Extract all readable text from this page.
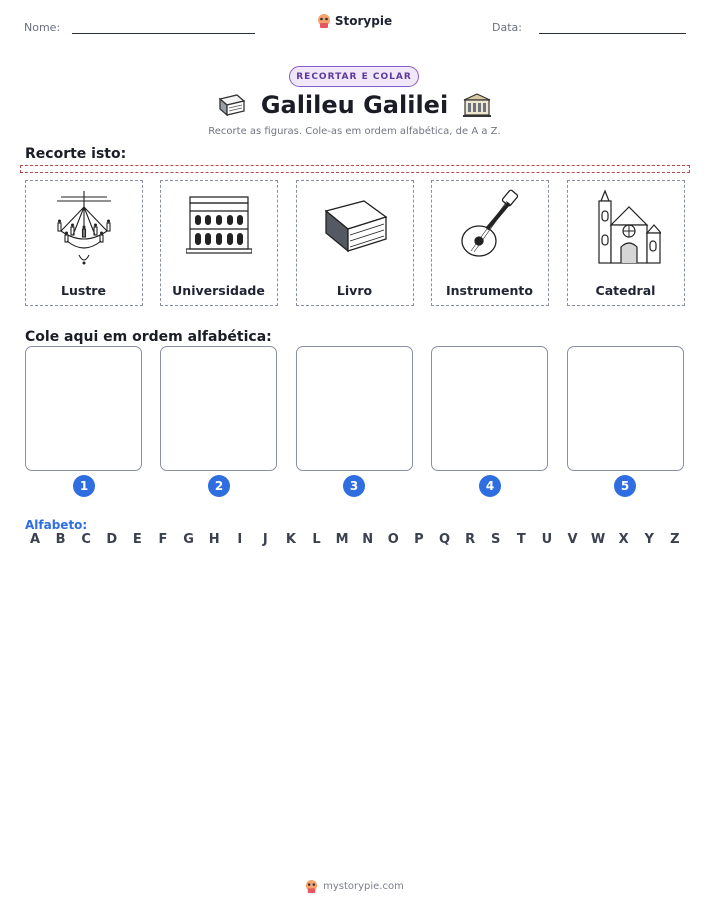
Nome:	Storypie	Data:
RECORTAR E COLAR
Galileu Galilei
Recorte as figuras. Cole-as em ordem alfabética, de A a Z.
Recorte isto:
Lustre	Universidade	Livro	Instrumento	Catedral
Cole aqui em ordem alfabética:
1	2	3	4	5
Alfabeto:
A	B	C	D	E	F	G	H	I	J	K	L	M	N	O	P	Q	R	S	T	U	V	W	X	Y	Z
mystorypie.com
